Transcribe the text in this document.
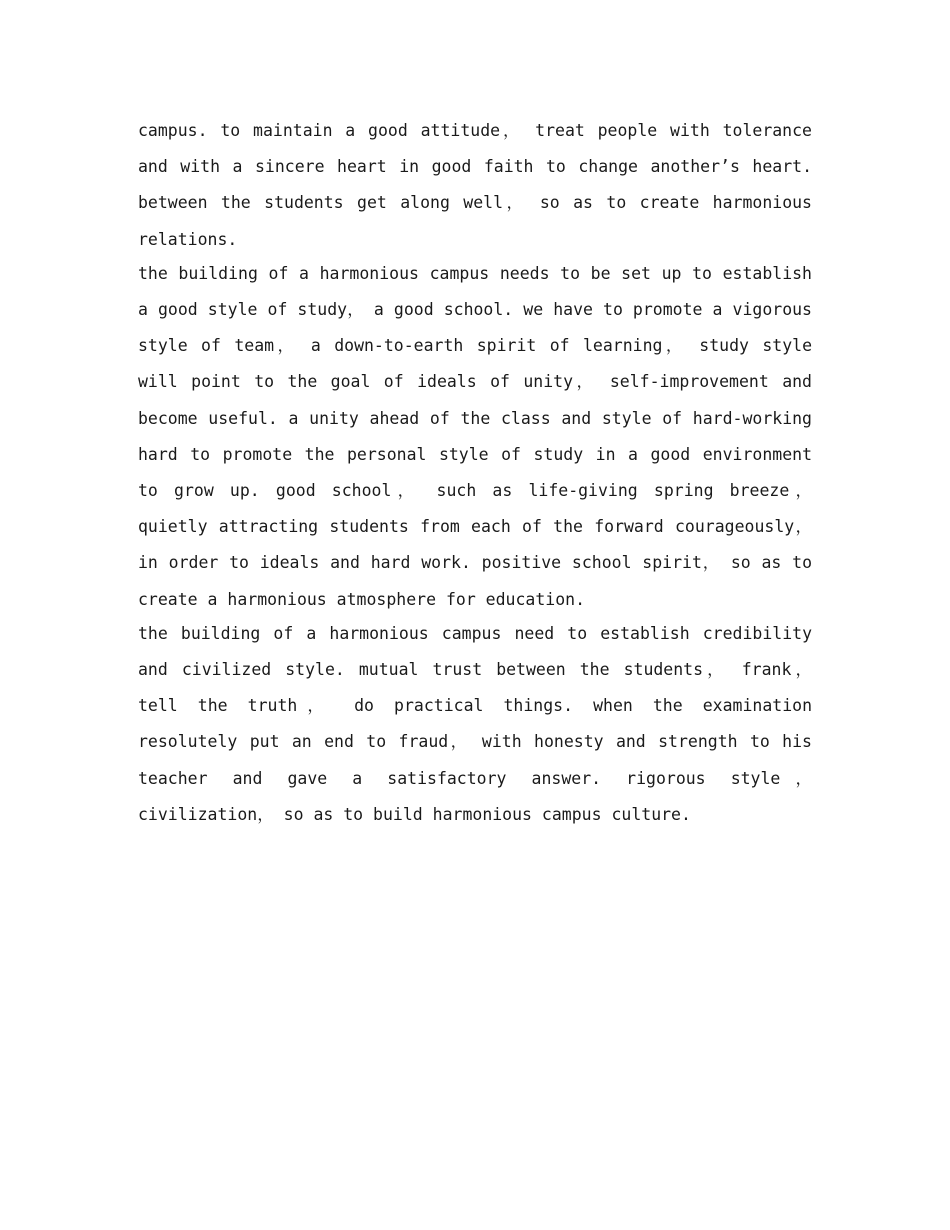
campus. to maintain a good attitude， treat people with tolerance and with a sincere heart in good faith to change another’s heart. between the students get along well， so as to create harmonious relations.

the building of a harmonious campus needs to be set up to establish a good style of study， a good school. we have to promote a vigorous style of team， a down-to-earth spirit of learning， study style will point to the goal of ideals of unity， self-improvement and become useful. a unity ahead of the class and style of hard-working hard to promote the personal style of study in a good environment to grow up. good school， such as life-giving spring breeze， quietly attracting students from each of the forward courageously， in order to ideals and hard work. positive school spirit， so as to create a harmonious atmosphere for education.

the building of a harmonious campus need to establish credibility and civilized style. mutual trust between the students， frank， tell the truth， do practical things. when the examination resolutely put an end to fraud， with honesty and strength to his teacher and gave a satisfactory answer. rigorous style， civilization， so as to build harmonious campus culture.
